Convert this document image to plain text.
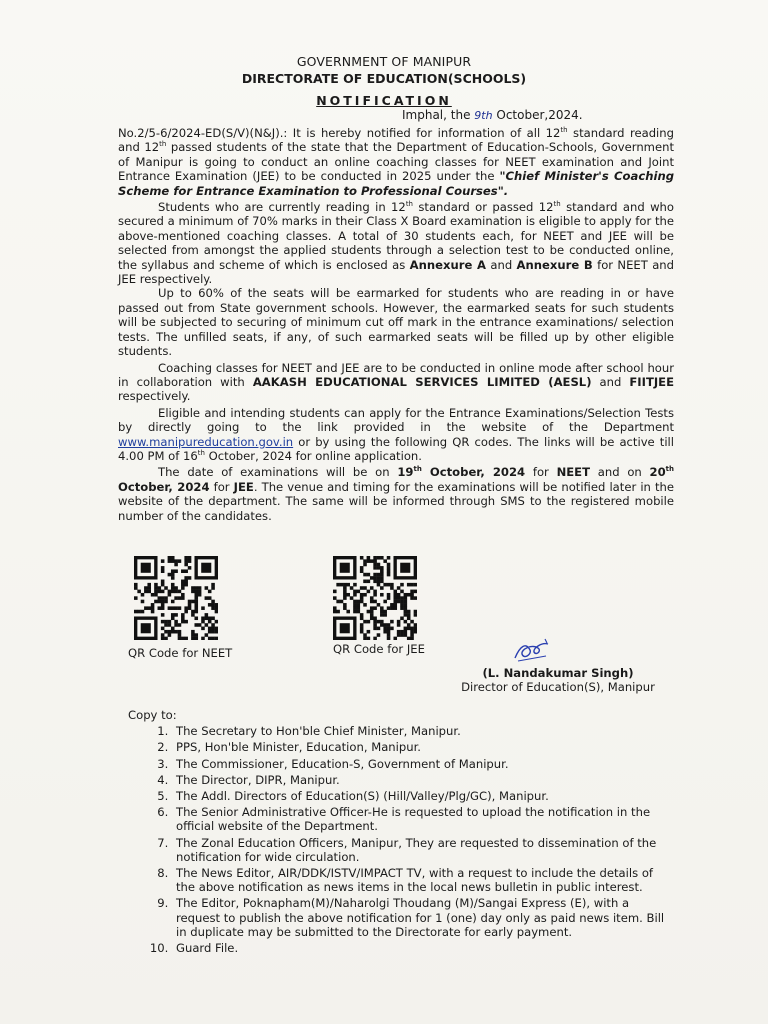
GOVERNMENT OF MANIPUR
DIRECTORATE OF EDUCATION(SCHOOLS)
NOTIFICATION
Imphal, the 9th October,2024.

No.2/5-6/2024-ED(S/V)(N&J).: It is hereby notified for information of all 12th standard reading and 12th passed students of the state that the Department of Education-Schools, Government of Manipur is going to conduct an online coaching classes for NEET examination and Joint Entrance Examination (JEE) to be conducted in 2025 under the "Chief Minister's Coaching Scheme for Entrance Examination to Professional Courses".

Students who are currently reading in 12th standard or passed 12th standard and who secured a minimum of 70% marks in their Class X Board examination is eligible to apply for the above-mentioned coaching classes. A total of 30 students each, for NEET and JEE will be selected from amongst the applied students through a selection test to be conducted online, the syllabus and scheme of which is enclosed as Annexure A and Annexure B for NEET and JEE respectively.

Up to 60% of the seats will be earmarked for students who are reading in or have passed out from State government schools. However, the earmarked seats for such students will be subjected to securing of minimum cut off mark in the entrance examinations/ selection tests. The unfilled seats, if any, of such earmarked seats will be filled up by other eligible students.

Coaching classes for NEET and JEE are to be conducted in online mode after school hour in collaboration with AAKASH EDUCATIONAL SERVICES LIMITED (AESL) and FIITJEE respectively.

Eligible and intending students can apply for the Entrance Examinations/Selection Tests by directly going to the link provided in the website of the Department www.manipureducation.gov.in or by using the following QR codes. The links will be active till 4.00 PM of 16th October, 2024 for online application.

The date of examinations will be on 19th October, 2024 for NEET and on 20th October, 2024 for JEE. The venue and timing for the examinations will be notified later in the website of the department. The same will be informed through SMS to the registered mobile number of the candidates.

QR Code for NEET	QR Code for JEE
(L. Nandakumar Singh)
Director of Education(S), Manipur
Copy to:
1. The Secretary to Hon'ble Chief Minister, Manipur.
2. PPS, Hon'ble Minister, Education, Manipur.
3. The Commissioner, Education-S, Government of Manipur.
4. The Director, DIPR, Manipur.
5. The Addl. Directors of Education(S) (Hill/Valley/Plg/GC), Manipur.
6. The Senior Administrative Officer-He is requested to upload the notification in the official website of the Department.
7. The Zonal Education Officers, Manipur, They are requested to dissemination of the notification for wide circulation.
8. The News Editor, AIR/DDK/ISTV/IMPACT TV, with a request to include the details of the above notification as news items in the local news bulletin in public interest.
9. The Editor, Poknapham(M)/Naharolgi Thoudang (M)/Sangai Express (E), with a request to publish the above notification for 1 (one) day only as paid news item. Bill in duplicate may be submitted to the Directorate for early payment.
10. Guard File.
